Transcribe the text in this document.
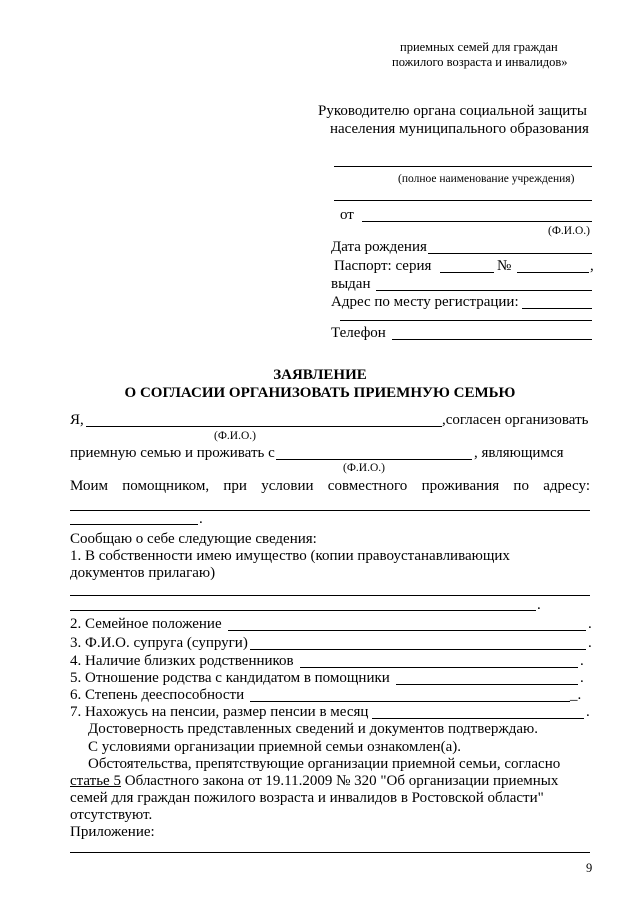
приемных семей для граждан
пожилого возраста и инвалидов»
Руководителю органа социальной защиты
населения муниципального образования
(полное наименование учреждения)
от
(Ф.И.О.)
Дата рождения
Паспорт: серия	№	,
выдан
Адрес по месту регистрации:
Телефон
ЗАЯВЛЕНИЕ
О СОГЛАСИИ ОРГАНИЗОВАТЬ ПРИЕМНУЮ СЕМЬЮ
Я,	,согласен организовать
(Ф.И.О.)
приемную семью и проживать с	, являющимся
(Ф.И.О.)
Моим помощником, при условии совместного проживания по адресу:
.
Сообщаю о себе следующие сведения:
1. В собственности имею имущество (копии правоустанавливающих
документов прилагаю)
.
2. Семейное положение	.
3. Ф.И.О. супруга (супруги)	.
4. Наличие близких родственников	.
5. Отношение родства с кандидатом в помощники	.
6. Степень дееспособности	_.
7. Нахожусь на пенсии, размер пенсии в месяц	.
Достоверность представленных сведений и документов подтверждаю.
С условиями организации приемной семьи ознакомлен(а).
Обстоятельства, препятствующие организации приемной семьи, согласно
статье 5 Областного закона от 19.11.2009 № 320 "Об организации приемных
семей для граждан пожилого возраста и инвалидов в Ростовской области"
отсутствуют.
Приложение:
9
